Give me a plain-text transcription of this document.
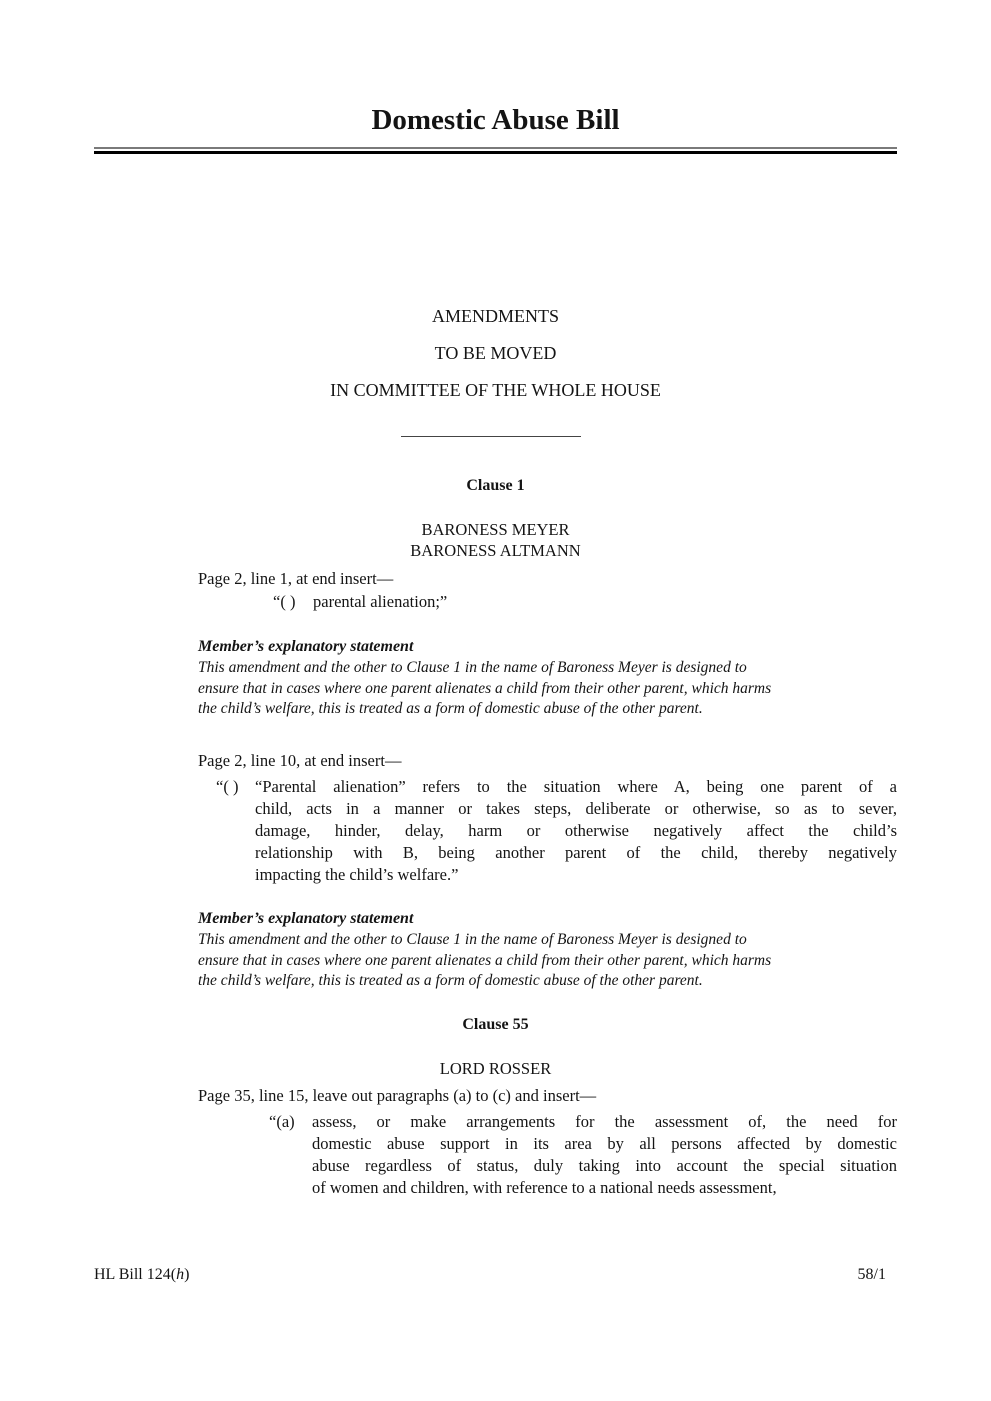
Domestic Abuse Bill
AMENDMENTS
TO BE MOVED
IN COMMITTEE OF THE WHOLE HOUSE
Clause 1
BARONESS MEYER
BARONESS ALTMANN
Page 2, line 1, at end insert—
“( ) parental alienation;”
Member’s explanatory statement
This amendment and the other to Clause 1 in the name of Baroness Meyer is designed to
ensure that in cases where one parent alienates a child from their other parent, which harms
the child’s welfare, this is treated as a form of domestic abuse of the other parent.
Page 2, line 10, at end insert—
“( ) “Parental alienation” refers to the situation where A, being one parent of a
child, acts in a manner or takes steps, deliberate or otherwise, so as to sever,
damage, hinder, delay, harm or otherwise negatively affect the child’s
relationship with B, being another parent of the child, thereby negatively
impacting the child’s welfare.”
Member’s explanatory statement
This amendment and the other to Clause 1 in the name of Baroness Meyer is designed to
ensure that in cases where one parent alienates a child from their other parent, which harms
the child’s welfare, this is treated as a form of domestic abuse of the other parent.
Clause 55
LORD ROSSER
Page 35, line 15, leave out paragraphs (a) to (c) and insert—
“(a) assess, or make arrangements for the assessment of, the need for
domestic abuse support in its area by all persons affected by domestic
abuse regardless of status, duly taking into account the special situation
of women and children, with reference to a national needs assessment,
HL Bill 124(h)	58/1
